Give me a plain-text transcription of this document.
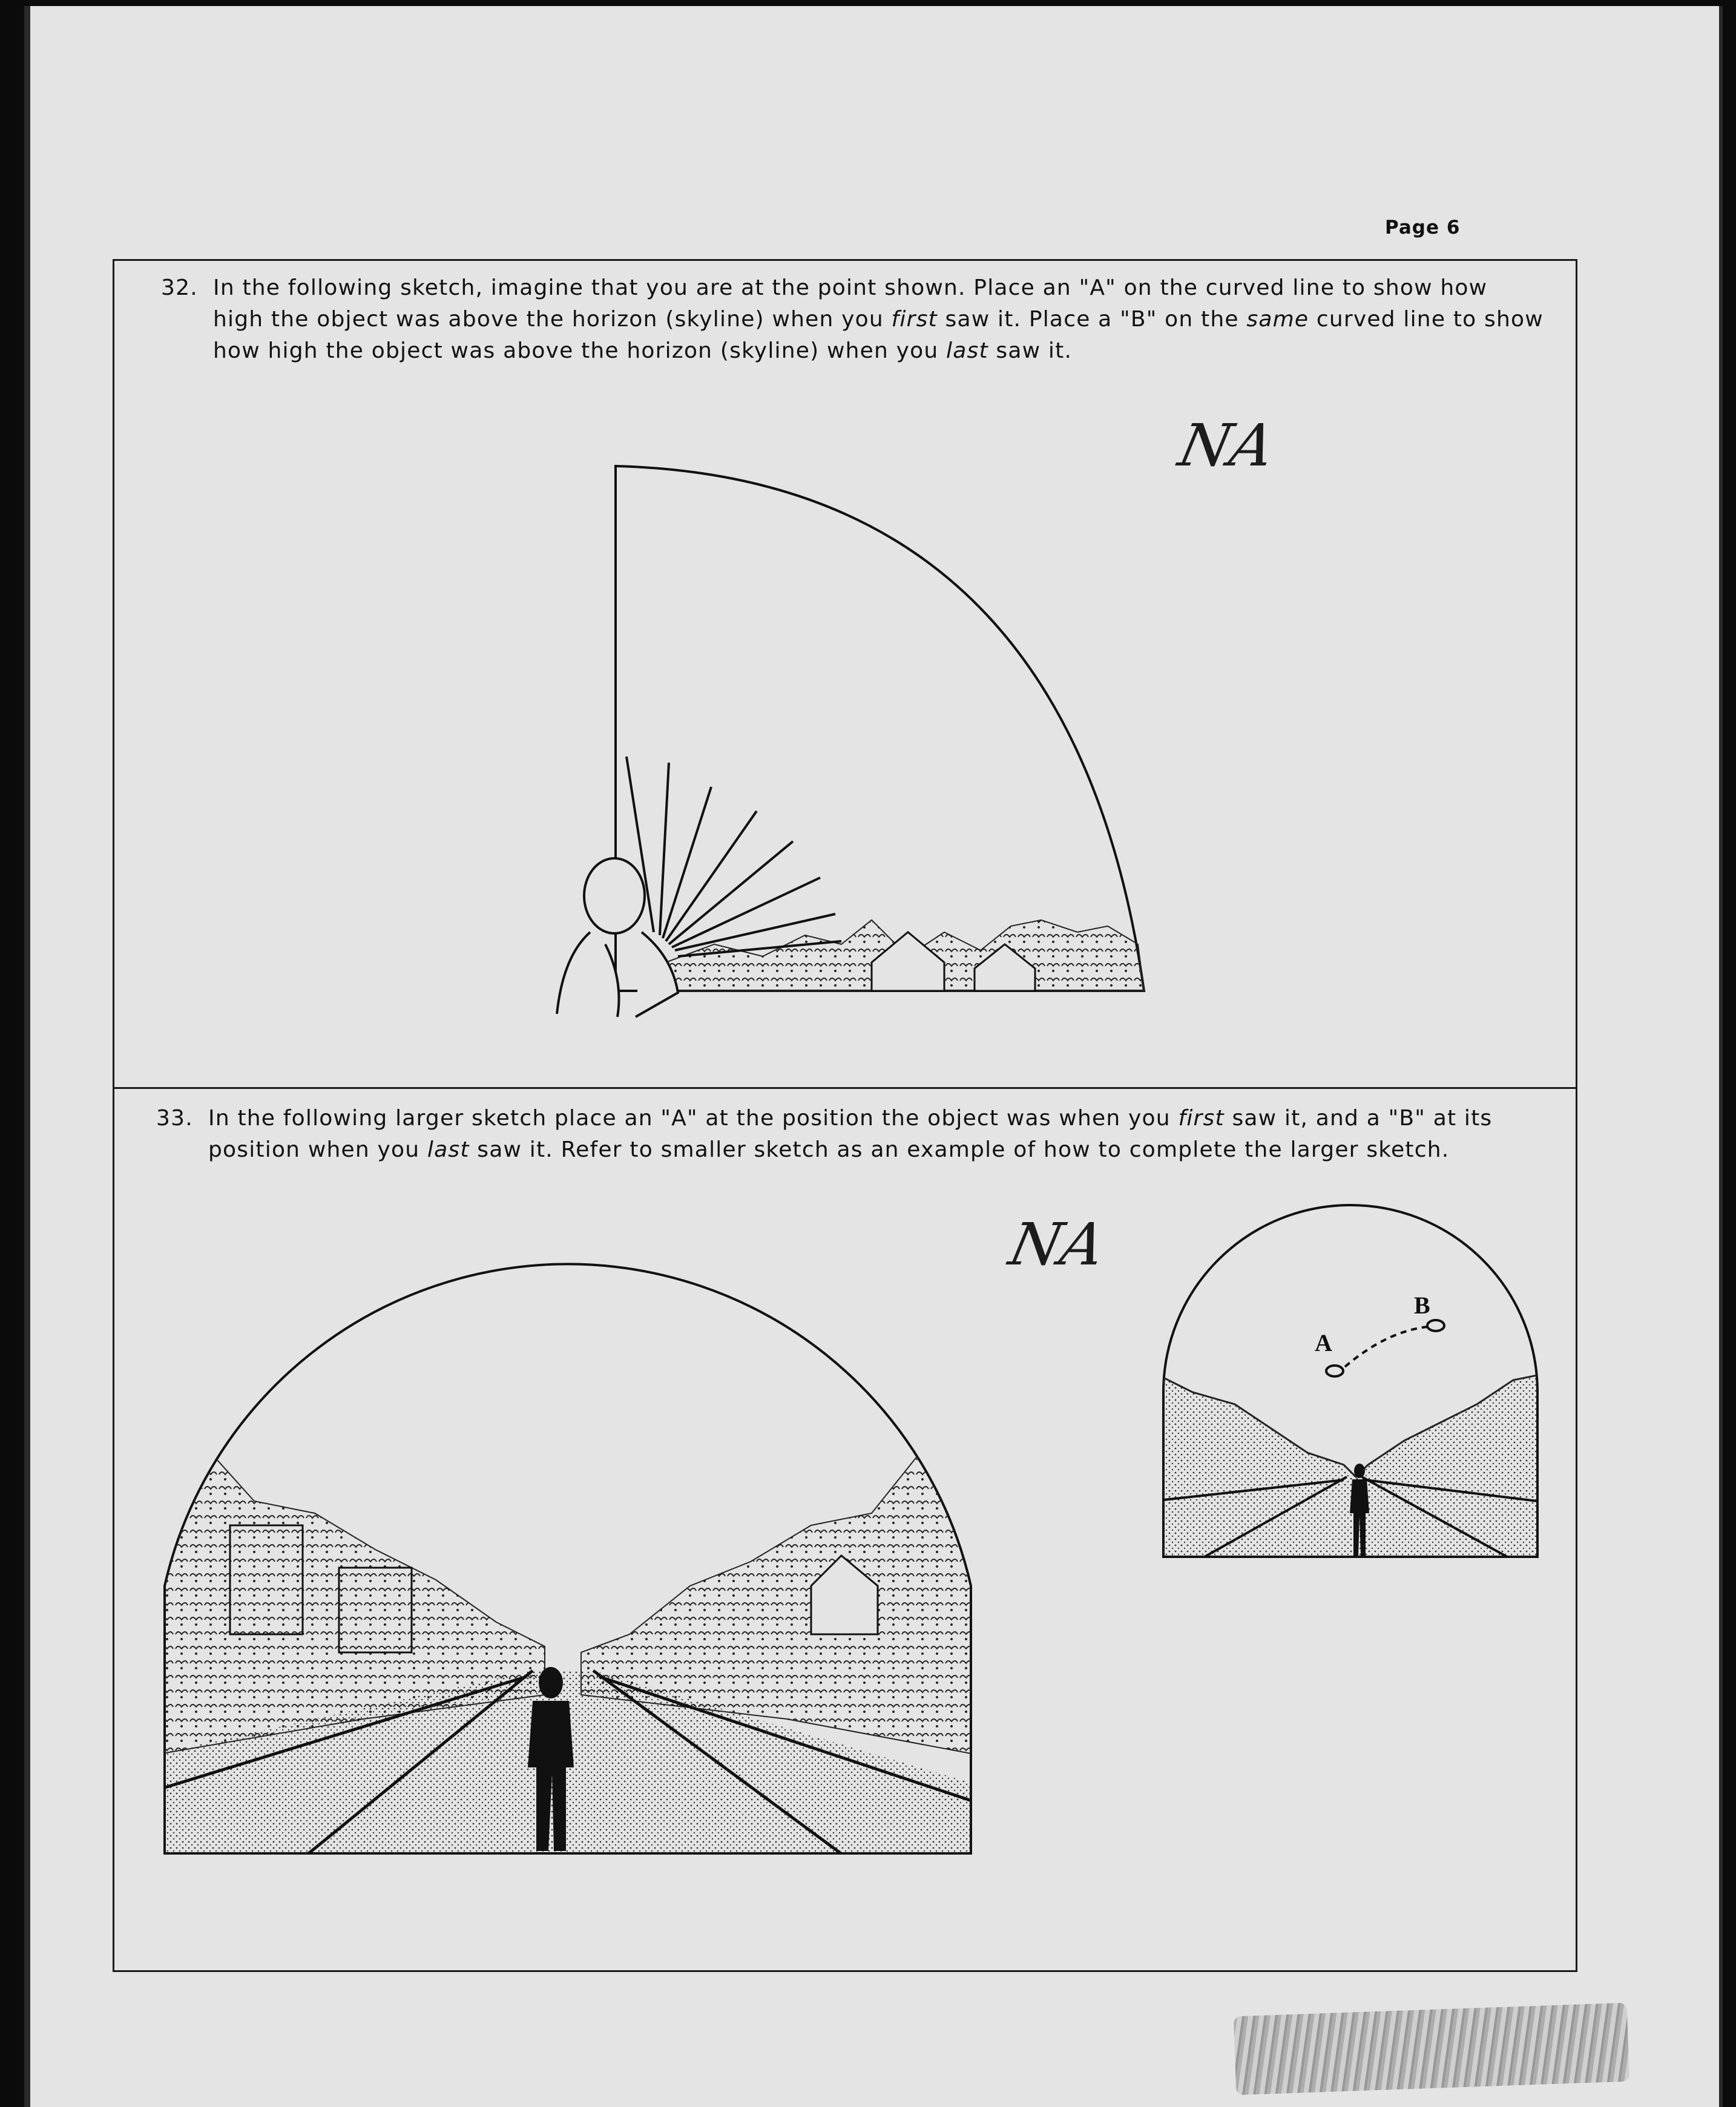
Page 6
32. In the following sketch, imagine that you are at the point shown. Place an "A" on the curved line to show how high the object was above the horizon (skyline) when you first saw it. Place a "B" on the same curved line to show how high the object was above the horizon (skyline) when you last saw it.
NA
33. In the following larger sketch place an "A" at the position the object was when you first saw it, and a "B" at its position when you last saw it. Refer to smaller sketch as an example of how to complete the larger sketch.
NA
A
B
